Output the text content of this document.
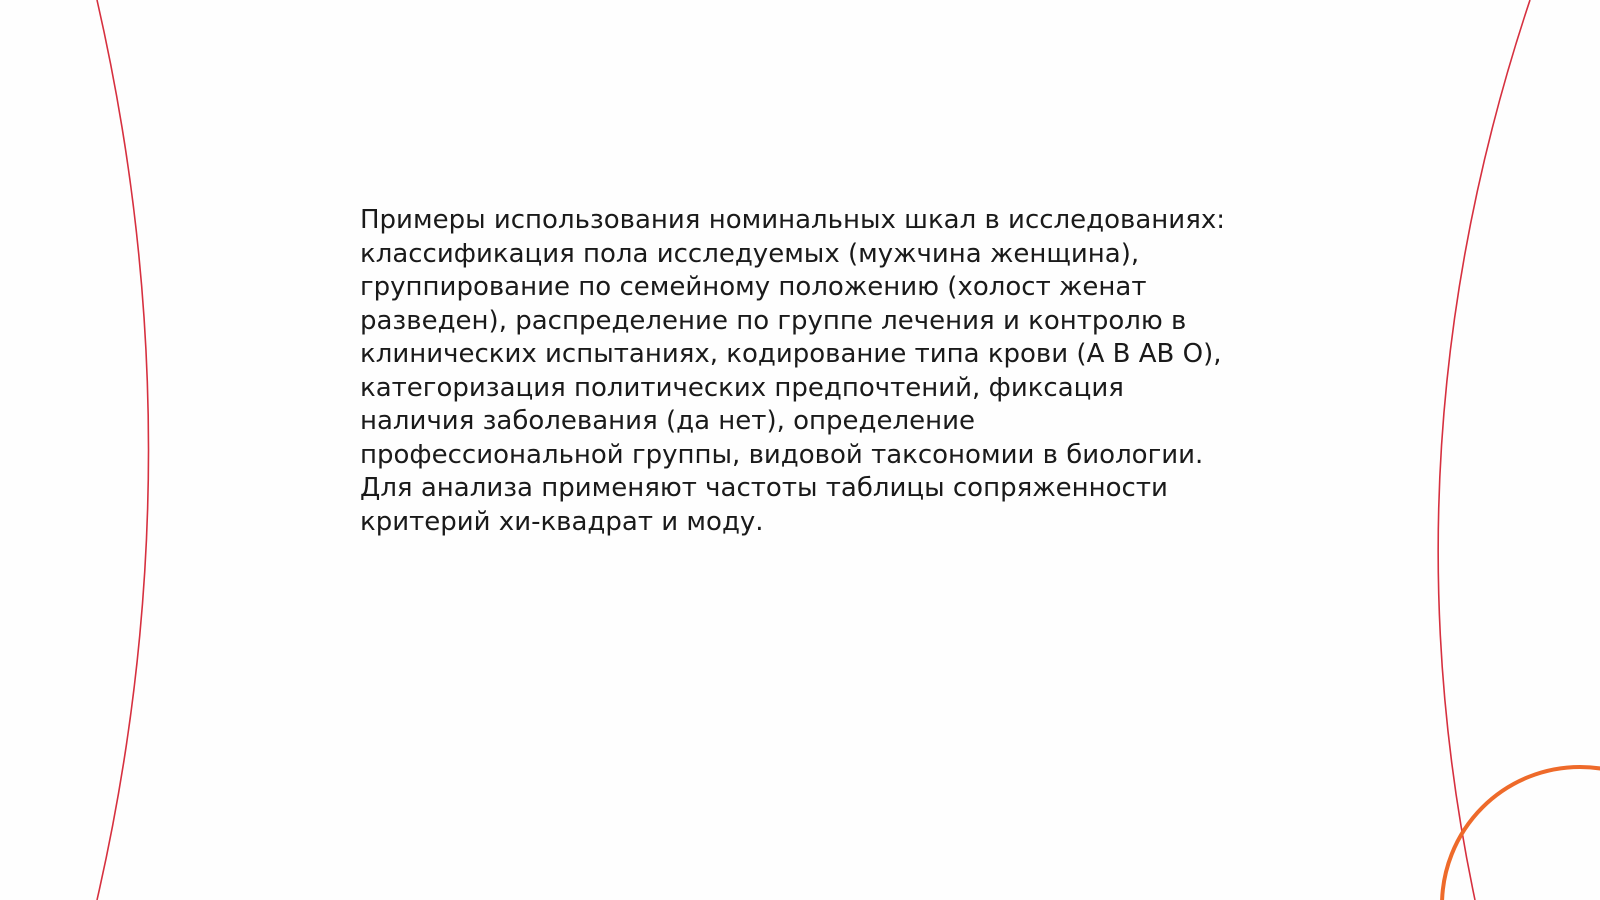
Примеры использования номинальных шкал в исследованиях:
классификация пола исследуемых (мужчина женщина),
группирование по семейному положению (холост женат
разведен), распределение по группе лечения и контролю в
клинических испытаниях, кодирование типа крови (А В АВ О),
категоризация политических предпочтений, фиксация
наличия заболевания (да нет), определение
профессиональной группы, видовой таксономии в биологии.
Для анализа применяют частоты таблицы сопряженности
критерий хи-квадрат и моду.
